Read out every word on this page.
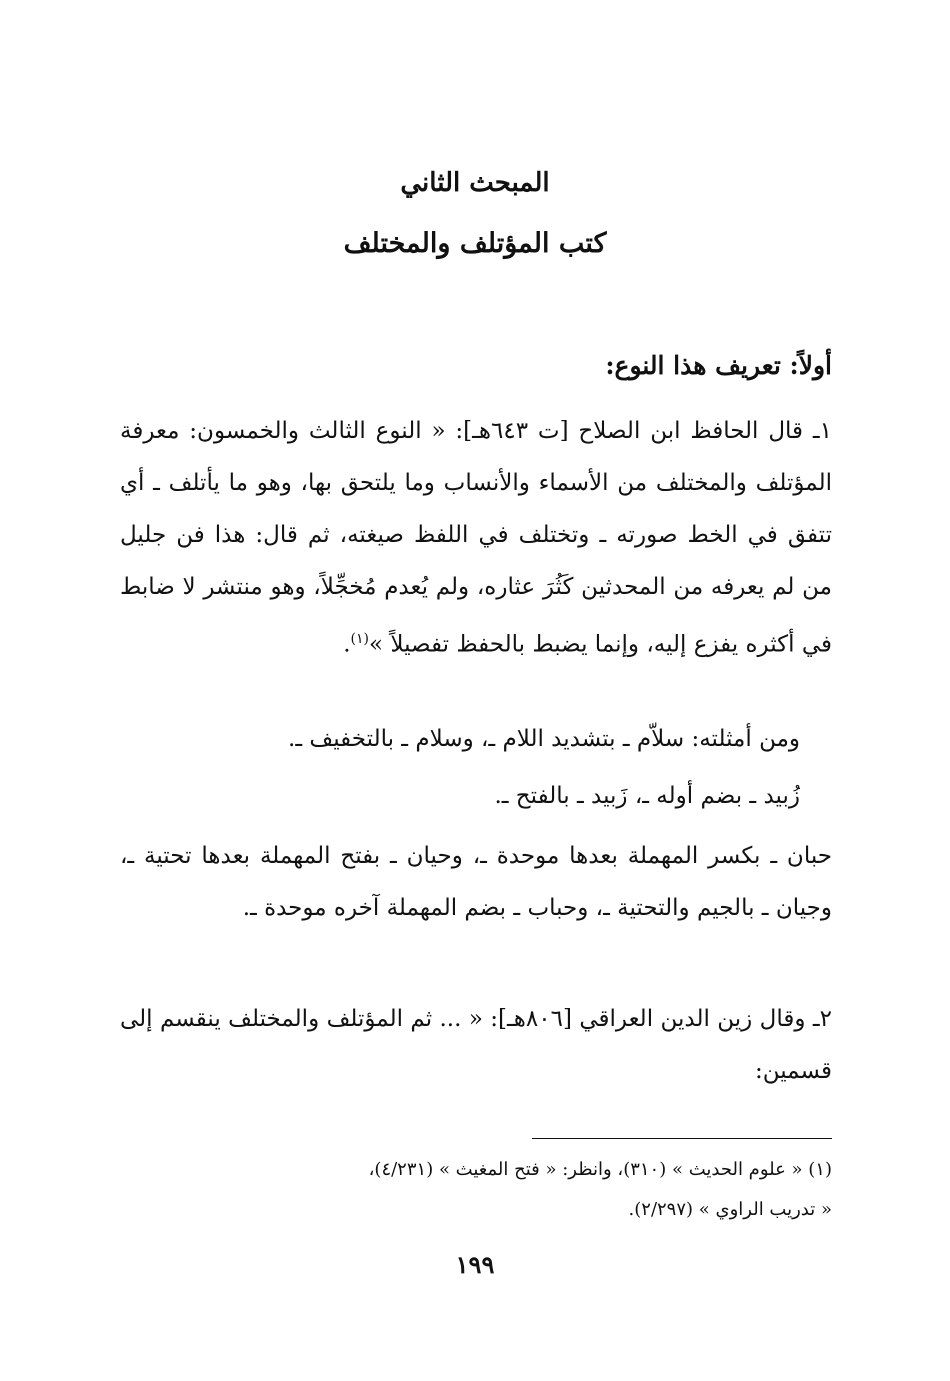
المبحث الثاني
كتب المؤتلف والمختلف
أولاً: تعريف هذا النوع:

١ـ قال الحافظ ابن الصلاح [ت ٦٤٣هـ]: « النوع الثالث والخمسون: معرفة المؤتلف والمختلف من الأسماء والأنساب وما يلتحق بها، وهو ما يأتلف ـ أي تتفق في الخط صورته ـ وتختلف في اللفظ صيغته، ثم قال: هذا فن جليل من لم يعرفه من المحدثين كَثُرَ عثاره، ولم يُعدم مُخجِّلاً، وهو منتشر لا ضابط في أكثره يفزع إليه، وإنما يضبط بالحفظ تفصيلاً »$^{(١)}$.

ومن أمثلته: سلاّم ـ بتشديد اللام ـ، وسلام ـ بالتخفيف ـ.

زُبيد ـ بضم أوله ـ، زَبيد ـ بالفتح ـ.

حبان ـ بكسر المهملة بعدها موحدة ـ، وحيان ـ بفتح المهملة بعدها تحتية ـ، وجيان ـ بالجيم والتحتية ـ، وحباب ـ بضم المهملة آخره موحدة ـ.

٢ـ وقال زين الدين العراقي [٨٠٦هـ]: « ... ثم المؤتلف والمختلف ينقسم إلى قسمين:

(١) « علوم الحديث » (٣١٠)، وانظر: « فتح المغيث » (٤/٢٣١)،
« تدريب الراوي » (٢/٢٩٧).
١٩٩
